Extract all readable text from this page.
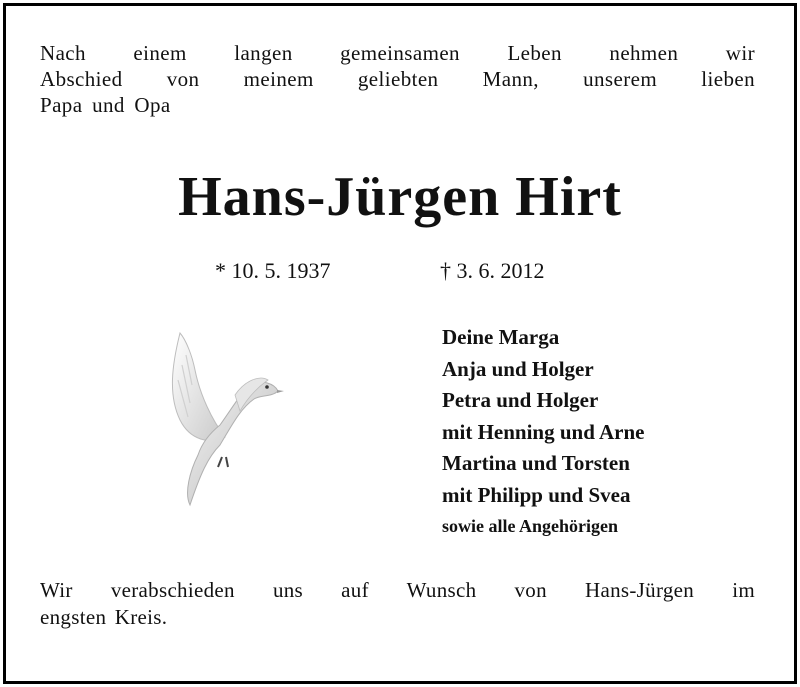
Nach einem langen gemeinsamen Leben nehmen wir
Abschied von meinem geliebten Mann, unserem lieben
Papa und Opa
Hans-Jürgen Hirt
* 10. 5. 1937	† 3. 6. 2012
Deine Marga
Anja und Holger
Petra und Holger
mit Henning und Arne
Martina und Torsten
mit Philipp und Svea
sowie alle Angehörigen
Wir verabschieden uns auf Wunsch von Hans-Jürgen im
engsten Kreis.
